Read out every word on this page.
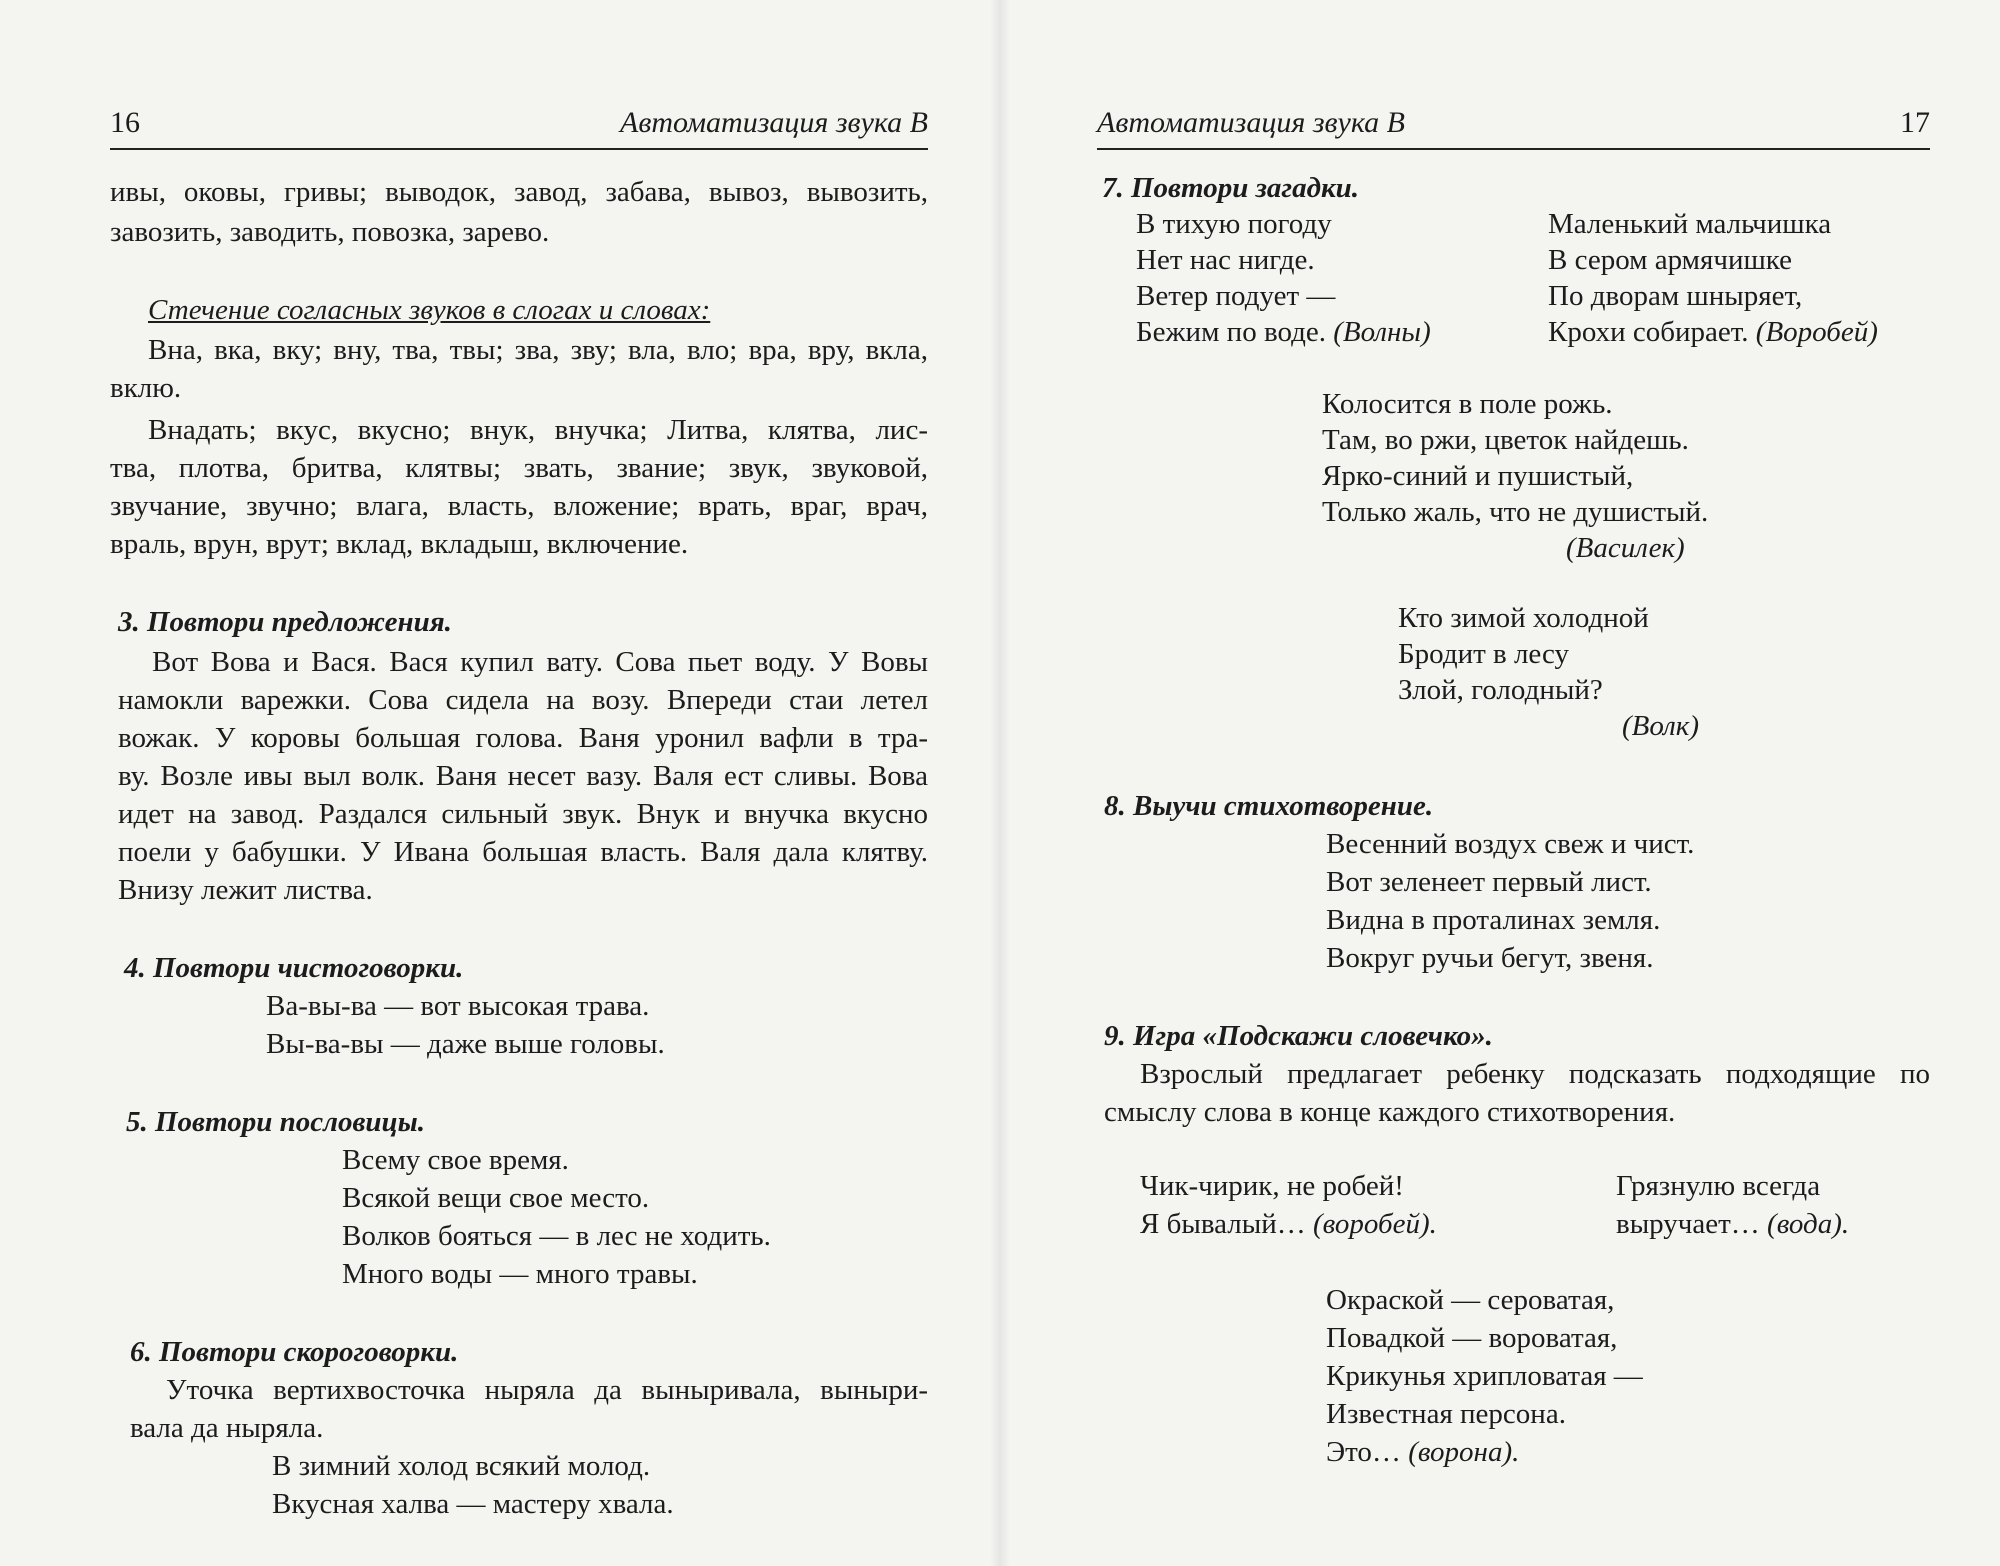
16	Автоматизация звука В
ивы, оковы, гривы; выводок, завод, забава, вывоз, вывозить,
завозить, заводить, повозка, зарево.
Стечение согласных звуков в слогах и словах:
Вна, вка, вку; вну, тва, твы; зва, зву; вла, вло; вра, вру, вкла,
вклю.
Внадать; вкус, вкусно; внук, внучка; Литва, клятва, лис-
тва, плотва, бритва, клятвы; звать, звание; звук, звуковой,
звучание, звучно; влага, власть, вложение; врать, враг, врач,
враль, врун, врут; вклад, вкладыш, включение.
3. Повтори предложения.
Вот Вова и Вася. Вася купил вату. Сова пьет воду. У Вовы
намокли варежки. Сова сидела на возу. Впереди стаи летел
вожак. У коровы большая голова. Ваня уронил вафли в тра-
ву. Возле ивы выл волк. Ваня несет вазу. Валя ест сливы. Вова
идет на завод. Раздался сильный звук. Внук и внучка вкусно
поели у бабушки. У Ивана большая власть. Валя дала клятву.
Внизу лежит листва.
4. Повтори чистоговорки.
Ва-вы-ва — вот высокая трава.
Вы-ва-вы — даже выше головы.
5. Повтори пословицы.
Всему свое время.
Всякой вещи свое место.
Волков бояться — в лес не ходить.
Много воды — много травы.
6. Повтори скороговорки.
Уточка вертихвосточка ныряла да выныривала, выныри-
вала да ныряла.
В зимний холод всякий молод.
Вкусная халва — мастеру хвала.
Автоматизация звука В	17
7. Повтори загадки.
В тихую погоду
Нет нас нигде.
Ветер подует —
Бежим по воде. (Волны)
Маленький мальчишка
В сером армячишке
По дворам шныряет,
Крохи собирает. (Воробей)
Колосится в поле рожь.
Там, во ржи, цветок найдешь.
Ярко-синий и пушистый,
Только жаль, что не душистый.
(Василек)
Кто зимой холодной
Бродит в лесу
Злой, голодный?
(Волк)
8. Выучи стихотворение.
Весенний воздух свеж и чист.
Вот зеленеет первый лист.
Видна в проталинах земля.
Вокруг ручьи бегут, звеня.
9. Игра «Подскажи словечко».
Взрослый предлагает ребенку подсказать подходящие по
смыслу слова в конце каждого стихотворения.
Чик-чирик, не робей!
Я бывалый… (воробей).
Грязнулю всегда
выручает… (вода).
Окраской — сероватая,
Повадкой — вороватая,
Крикунья хрипловатая —
Известная персона.
Это… (ворона).
